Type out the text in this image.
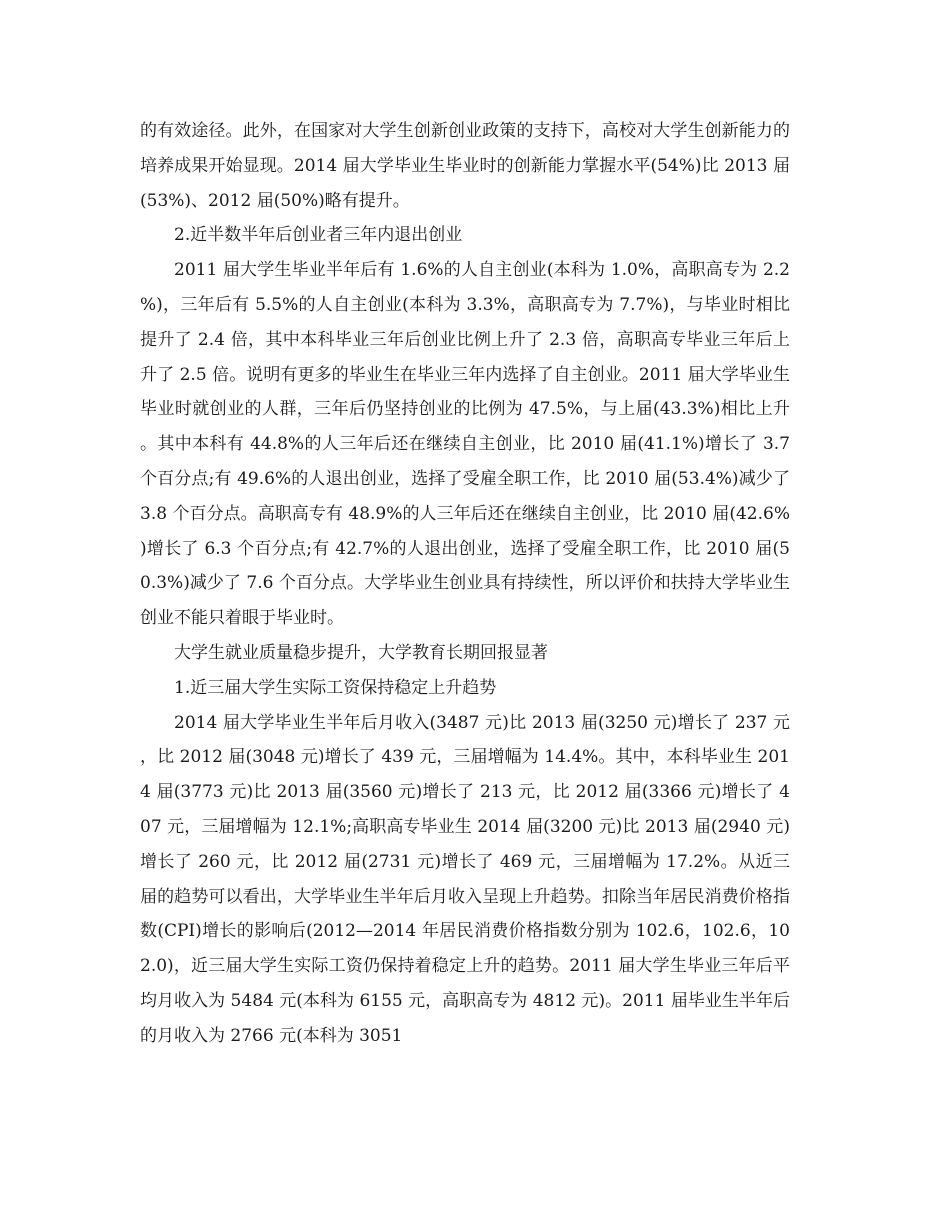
的有效途径。此外，在国家对大学生创新创业政策的支持下，高校对大学生创新能力的培养成果开始显现。2014 届大学毕业生毕业时的创新能力掌握水平(54%)比 2013 届(53%)、2012 届(50%)略有提升。

2.近半数半年后创业者三年内退出创业

2011 届大学生毕业半年后有 1.6%的人自主创业(本科为 1.0%，高职高专为 2.2%)，三年后有 5.5%的人自主创业(本科为 3.3%，高职高专为 7.7%)，与毕业时相比提升了 2.4 倍，其中本科毕业三年后创业比例上升了 2.3 倍，高职高专毕业三年后上升了 2.5 倍。说明有更多的毕业生在毕业三年内选择了自主创业。2011 届大学毕业生毕业时就创业的人群，三年后仍坚持创业的比例为 47.5%，与上届(43.3%)相比上升。其中本科有 44.8%的人三年后还在继续自主创业，比 2010 届(41.1%)增长了 3.7 个百分点;有 49.6%的人退出创业，选择了受雇全职工作，比 2010 届(53.4%)减少了 3.8 个百分点。高职高专有 48.9%的人三年后还在继续自主创业，比 2010 届(42.6%)增长了 6.3 个百分点;有 42.7%的人退出创业，选择了受雇全职工作，比 2010 届(50.3%)减少了 7.6 个百分点。大学毕业生创业具有持续性，所以评价和扶持大学毕业生创业不能只着眼于毕业时。

大学生就业质量稳步提升，大学教育长期回报显著

1.近三届大学生实际工资保持稳定上升趋势

2014 届大学毕业生半年后月收入(3487 元)比 2013 届(3250 元)增长了 237 元，比 2012 届(3048 元)增长了 439 元，三届增幅为 14.4%。其中，本科毕业生 2014 届(3773 元)比 2013 届(3560 元)增长了 213 元，比 2012 届(3366 元)增长了 407 元，三届增幅为 12.1%;高职高专毕业生 2014 届(3200 元)比 2013 届(2940 元)增长了 260 元，比 2012 届(2731 元)增长了 469 元，三届增幅为 17.2%。从近三届的趋势可以看出，大学毕业生半年后月收入呈现上升趋势。扣除当年居民消费价格指数(CPI)增长的影响后(2012—2014 年居民消费价格指数分别为 102.6，102.6，102.0)，近三届大学生实际工资仍保持着稳定上升的趋势。2011 届大学生毕业三年后平均月收入为 5484 元(本科为 6155 元，高职高专为 4812 元)。2011 届毕业生半年后的月收入为 2766 元(本科为 3051
